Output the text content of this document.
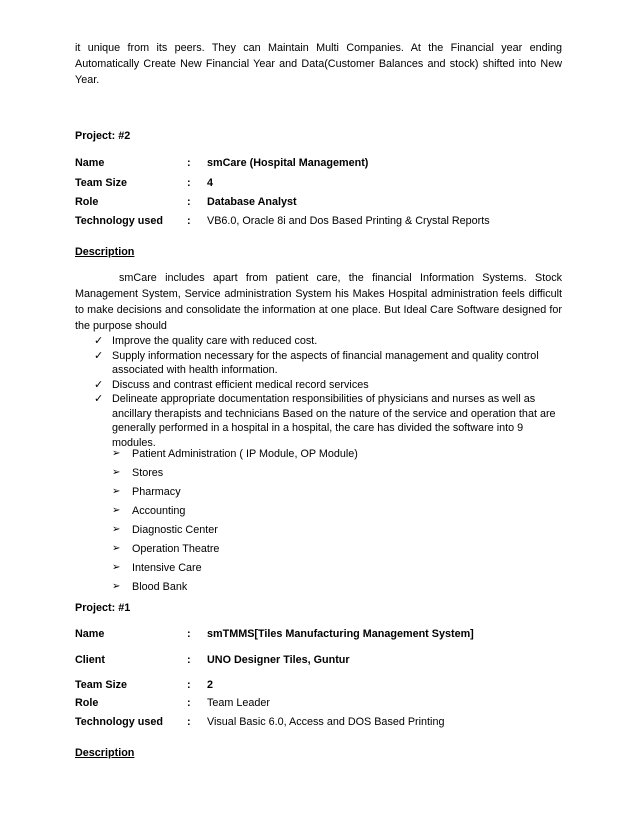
it unique from its peers. They can Maintain Multi Companies. At the Financial year ending Automatically Create New Financial Year and Data(Customer Balances and stock) shifted into New Year.
Project: #2
Name	: smCare (Hospital Management)
Team Size	: 4
Role	: Database Analyst
Technology used : VB6.0, Oracle 8i and Dos Based Printing & Crystal Reports
Description
smCare includes apart from patient care, the financial Information Systems. Stock Management System, Service administration System his Makes Hospital administration feels difficult to make decisions and consolidate the information at one place. But Ideal Care Software designed for the purpose should
✓ Improve the quality care with reduced cost.
✓ Supply information necessary for the aspects of financial management and quality control associated with health information.
✓ Discuss and contrast efficient medical record services
✓ Delineate appropriate documentation responsibilities of physicians and nurses as well as ancillary therapists and technicians Based on the nature of the service and operation that are generally performed in a hospital in a hospital, the care has divided the software into 9 modules.
➢ Patient Administration ( IP Module, OP Module)
➢ Stores
➢ Pharmacy
➢ Accounting
➢ Diagnostic Center
➢ Operation Theatre
➢ Intensive Care
➢ Blood Bank
Project: #1
Name	: smTMMS[Tiles Manufacturing Management System]
Client	: UNO Designer Tiles, Guntur
Team Size	: 2
Role	: Team Leader
Technology used : Visual Basic 6.0, Access and DOS Based Printing
Description
